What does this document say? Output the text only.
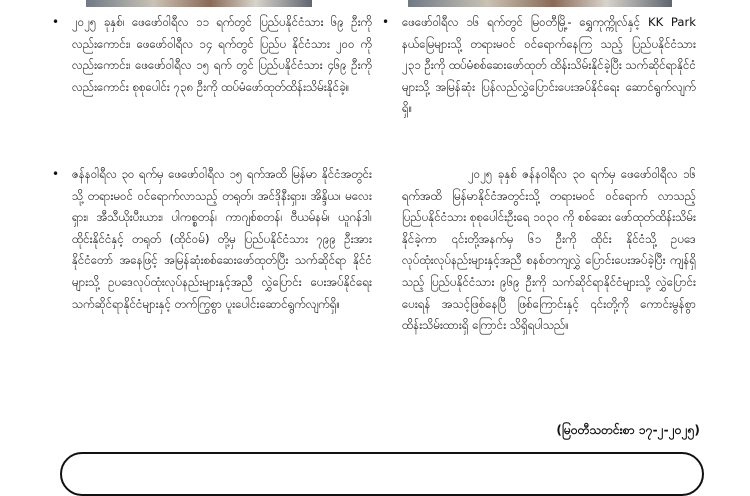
• ၂၀၂၅ ခုနှစ်၊ ဖေဖော်ဝါရီလ ၁၁ ရက်တွင် ပြည်ပနိုင်ငံသား ၆၉ ဦးကိုလည်းကောင်း၊ ဖေဖော်ဝါရီလ ၁၄ ရက်တွင် ပြည်ပ နိုင်ငံသား ၂၀၀ ကိုလည်းကောင်း၊ ဖေဖော်ဝါရီလ ၁၅ ရက် တွင် ပြည်ပနိုင်ငံသား ၄၆၉ ဦးကိုလည်းကောင်း စုစုပေါင်း ၇၃၈ ဦးကို ထပ်မံဖော်ထုတ်ထိန်းသိမ်းနိုင်ခဲ့။

• ဇန်နဝါရီလ ၃၀ ရက်မှ ဖေဖော်ဝါရီလ ၁၅ ရက်အထိ မြန်မာ နိုင်ငံအတွင်းသို့ တရားမဝင် ဝင်ရောက်လာသည့် တရုတ်၊ အင်ဒိုနီးရှား၊ အိန္ဒိယ၊ မလေးရှား၊ အီသီယိုးပီးယား၊ ပါကစ္စတန်၊ ကာဂျစ်စတန်၊ ဗီယမ်နမ်၊ ယူဂန်ဒါ၊ ထိုင်းနိုင်ငံနှင့် တရုတ် (ထိုင်ဝမ်) တို့မှ ပြည်ပနိုင်ငံသား ၇၉၉ ဦးအား နိုင်ငံတော် အနေဖြင့် အမြန်ဆုံးစစ်ဆေးဖော်ထုတ်ပြီး သက်ဆိုင်ရာ နိုင်ငံများသို့ ဥပဒေလုပ်ထုံးလုပ်နည်းများနှင့်အညီ လွှဲပြောင်း ပေးအပ်နိုင်ရေး သက်ဆိုင်ရာနိုင်ငံများနှင့် တက်ကြွစွာ ပူးပေါင်းဆောင်ရွက်လျက်ရှိ။

• ဖေဖော်ဝါရီလ ၁၆ ရက်တွင် မြဝတီမြို့- ရွှေကုက္ကိုလ်နှင့် KK Park နယ်မြေများသို့ တရားမဝင် ဝင်ရောက်နေကြ သည့် ပြည်ပနိုင်ငံသား ၂၃၁ ဦးကို ထပ်မံစစ်ဆေးဖော်ထုတ် ထိန်းသိမ်းနိုင်ခဲ့ပြီး သက်ဆိုင်ရာနိုင်ငံများသို့ အမြန်ဆုံး ပြန်လည်လွှဲပြောင်းပေးအပ်နိုင်ရေး ဆောင်ရွက်လျက်ရှိ။

၂၀၂၅ ခုနှစ် ဇန်နဝါရီလ ၃၀ ရက်မှ ဖေဖော်ဝါရီလ ၁၆ ရက်အထိ မြန်မာနိုင်ငံအတွင်းသို့ တရားမဝင် ဝင်ရောက် လာသည့် ပြည်ပနိုင်ငံသား စုစုပေါင်းဦးရေ ၁၀၃၀ ကို စစ်ဆေး ဖော်ထုတ်ထိန်းသိမ်းနိုင်ခဲ့ကာ ၎င်းတို့အနက်မှ ၆၁ ဦးကို ထိုင်း နိုင်ငံသို့ ဥပဒေလုပ်ထုံးလုပ်နည်းများနှင့်အညီ စနစ်တကျလွှဲ ပြောင်းပေးအပ်ခဲ့ပြီး ကျန်ရှိသည့် ပြည်ပနိုင်ငံသား ၉၆၉ ဦးကို သက်ဆိုင်ရာနိုင်ငံများသို့ လွှဲပြောင်းပေးရန် အသင့်ဖြစ်နေပြီ ဖြစ်ကြောင်းနှင့် ၎င်းတို့ကို ကောင်းမွန်စွာထိန်းသိမ်းထားရှိ ကြောင်း သိရှိရပါသည်။

(မြဝတီသတင်းစာ ၁၇-၂-၂၀၂၅)
